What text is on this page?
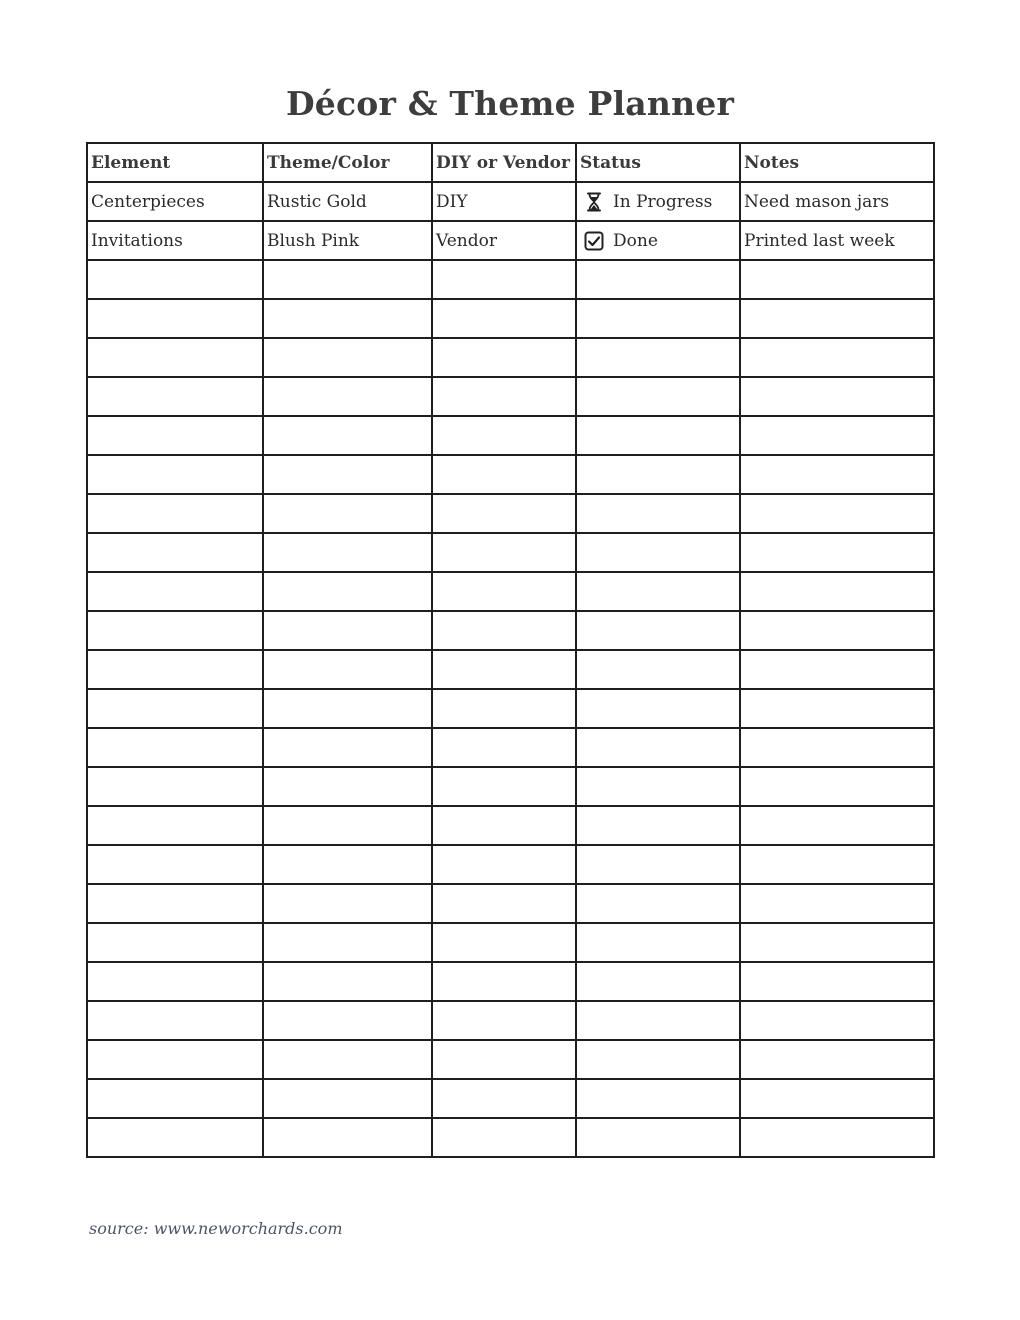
Décor & Theme Planner
Element	Theme/Color	DIY or Vendor	Status	Notes
Centerpieces	Rustic Gold	DIY	In Progress	Need mason jars
Invitations	Blush Pink	Vendor	Done	Printed last week

source: www.neworchards.com
